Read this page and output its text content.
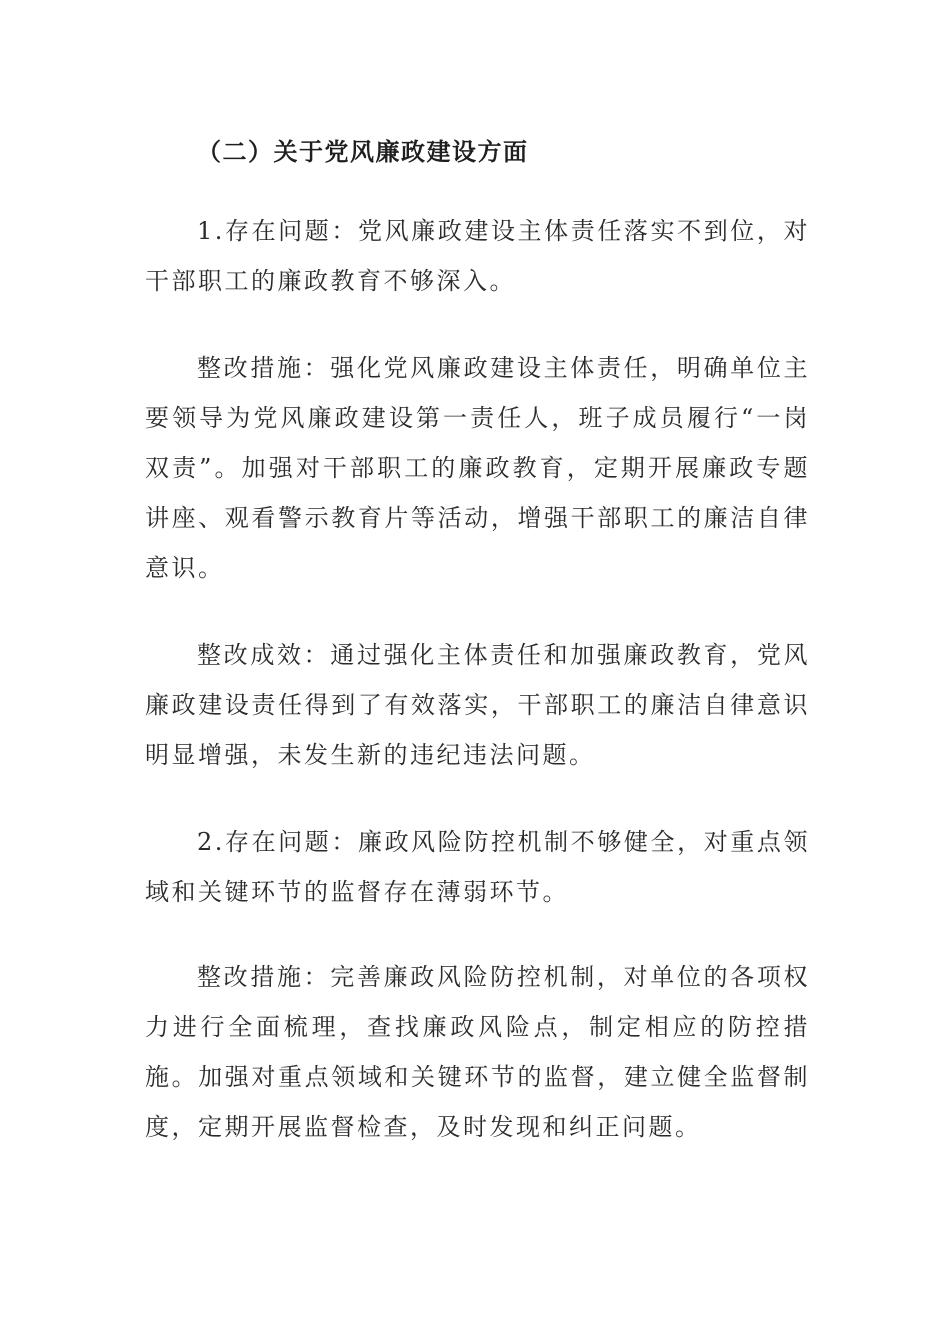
（二）关于党风廉政建设方面

1.存在问题：党风廉政建设主体责任落实不到位，对干部职工的廉政教育不够深入。

整改措施：强化党风廉政建设主体责任，明确单位主要领导为党风廉政建设第一责任人，班子成员履行“一岗双责”。加强对干部职工的廉政教育，定期开展廉政专题讲座、观看警示教育片等活动，增强干部职工的廉洁自律意识。

整改成效：通过强化主体责任和加强廉政教育，党风廉政建设责任得到了有效落实，干部职工的廉洁自律意识明显增强，未发生新的违纪违法问题。

2.存在问题：廉政风险防控机制不够健全，对重点领域和关键环节的监督存在薄弱环节。

整改措施：完善廉政风险防控机制，对单位的各项权力进行全面梳理，查找廉政风险点，制定相应的防控措施。加强对重点领域和关键环节的监督，建立健全监督制度，定期开展监督检查，及时发现和纠正问题。
